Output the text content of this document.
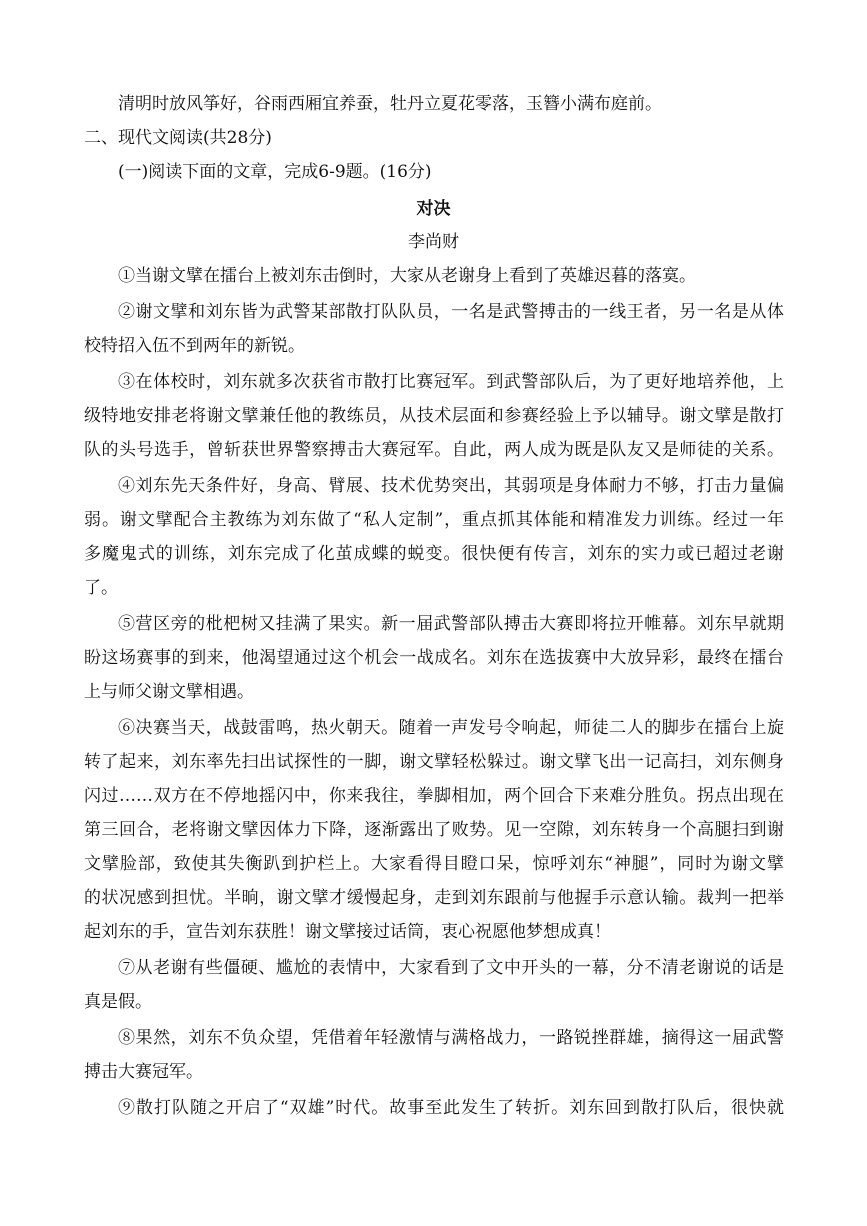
清明时放风筝好，谷雨西厢宜养蚕，牡丹立夏花零落，玉簪小满布庭前。
二、现代文阅读(共28分)
(一)阅读下面的文章，完成6-9题。(16分)
对决
李尚财
①当谢文擘在擂台上被刘东击倒时，大家从老谢身上看到了英雄迟暮的落寞。
②谢文擘和刘东皆为武警某部散打队队员，一名是武警搏击的一线王者，另一名是从体
校特招入伍不到两年的新锐。
③在体校时，刘东就多次获省市散打比赛冠军。到武警部队后，为了更好地培养他，上
级特地安排老将谢文擘兼任他的教练员，从技术层面和参赛经验上予以辅导。谢文擘是散打
队的头号选手，曾斩获世界警察搏击大赛冠军。自此，两人成为既是队友又是师徒的关系。
④刘东先天条件好，身高、臂展、技术优势突出，其弱项是身体耐力不够，打击力量偏
弱。谢文擘配合主教练为刘东做了“私人定制”，重点抓其体能和精准发力训练。经过一年
多魔鬼式的训练，刘东完成了化茧成蝶的蜕变。很快便有传言，刘东的实力或已超过老谢
了。
⑤营区旁的枇杷树又挂满了果实。新一届武警部队搏击大赛即将拉开帷幕。刘东早就期
盼这场赛事的到来，他渴望通过这个机会一战成名。刘东在选拔赛中大放异彩，最终在擂台
上与师父谢文擘相遇。
⑥决赛当天，战鼓雷鸣，热火朝天。随着一声发号令响起，师徒二人的脚步在擂台上旋
转了起来，刘东率先扫出试探性的一脚，谢文擘轻松躲过。谢文擘飞出一记高扫，刘东侧身
闪过……双方在不停地摇闪中，你来我往，拳脚相加，两个回合下来难分胜负。拐点出现在
第三回合，老将谢文擘因体力下降，逐渐露出了败势。见一空隙，刘东转身一个高腿扫到谢
文擘脸部，致使其失衡趴到护栏上。大家看得目瞪口呆，惊呼刘东“神腿”，同时为谢文擘
的状况感到担忧。半晌，谢文擘才缓慢起身，走到刘东跟前与他握手示意认输。裁判一把举
起刘东的手，宣告刘东获胜！谢文擘接过话筒，衷心祝愿他梦想成真！
⑦从老谢有些僵硬、尴尬的表情中，大家看到了文中开头的一幕，分不清老谢说的话是
真是假。
⑧果然，刘东不负众望，凭借着年轻激情与满格战力，一路锐挫群雄，摘得这一届武警
搏击大赛冠军。
⑨散打队随之开启了“双雄”时代。故事至此发生了转折。刘东回到散打队后，很快就
